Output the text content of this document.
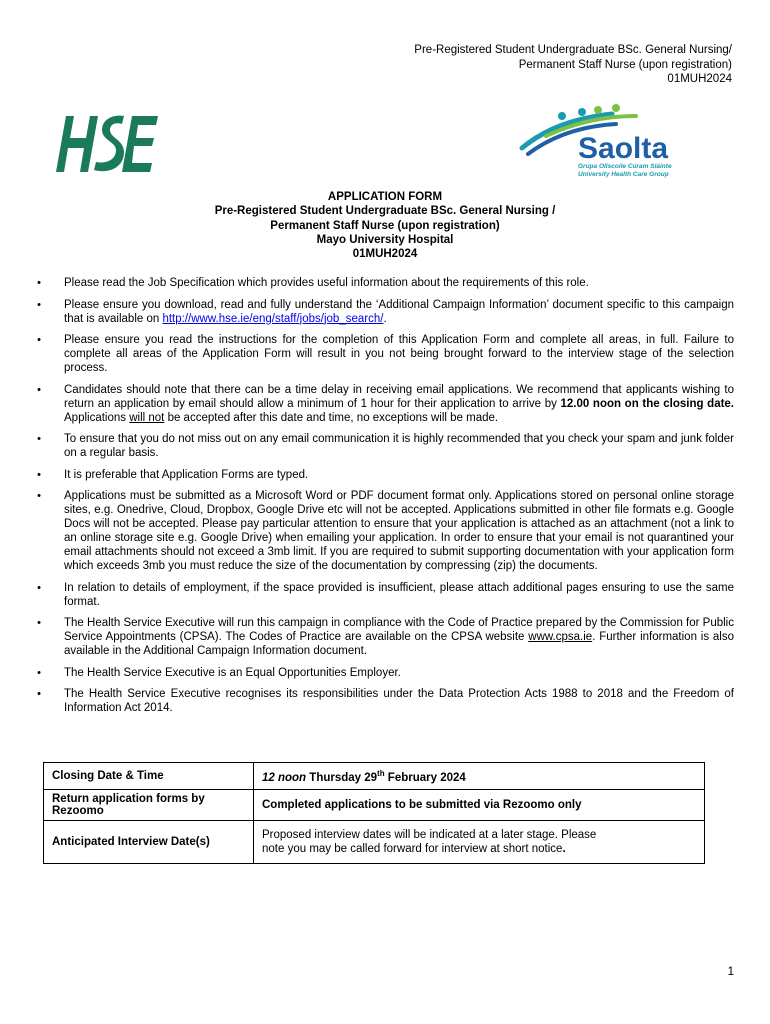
Pre-Registered Student Undergraduate BSc. General Nursing/
Permanent Staff Nurse (upon registration)
01MUH2024
HSE
Saolta
Grúpa Ollscoile Cúram Sláinte
University Health Care Group
APPLICATION FORM
Pre-Registered Student Undergraduate BSc. General Nursing /
Permanent Staff Nurse (upon registration)
Mayo University Hospital
01MUH2024
• Please read the Job Specification which provides useful information about the requirements of this role.
• Please ensure you download, read and fully understand the ‘Additional Campaign Information’ document specific to this campaign that is available on http://www.hse.ie/eng/staff/jobs/job_search/.
• Please ensure you read the instructions for the completion of this Application Form and complete all areas, in full. Failure to complete all areas of the Application Form will result in you not being brought forward to the interview stage of the selection process.
• Candidates should note that there can be a time delay in receiving email applications. We recommend that applicants wishing to return an application by email should allow a minimum of 1 hour for their application to arrive by 12.00 noon on the closing date. Applications will not be accepted after this date and time, no exceptions will be made.
• To ensure that you do not miss out on any email communication it is highly recommended that you check your spam and junk folder on a regular basis.
• It is preferable that Application Forms are typed.
• Applications must be submitted as a Microsoft Word or PDF document format only. Applications stored on personal online storage sites, e.g. Onedrive, Cloud, Dropbox, Google Drive etc will not be accepted. Applications submitted in other file formats e.g. Google Docs will not be accepted. Please pay particular attention to ensure that your application is attached as an attachment (not a link to an online storage site e.g. Google Drive) when emailing your application. In order to ensure that your email is not quarantined your email attachments should not exceed a 3mb limit. If you are required to submit supporting documentation with your application form which exceeds 3mb you must reduce the size of the documentation by compressing (zip) the documents.
• In relation to details of employment, if the space provided is insufficient, please attach additional pages ensuring to use the same format.
• The Health Service Executive will run this campaign in compliance with the Code of Practice prepared by the Commission for Public Service Appointments (CPSA). The Codes of Practice are available on the CPSA website www.cpsa.ie. Further information is also available in the Additional Campaign Information document.
• The Health Service Executive is an Equal Opportunities Employer.
• The Health Service Executive recognises its responsibilities under the Data Protection Acts 1988 to 2018 and the Freedom of Information Act 2014.
Closing Date & Time	12 noon Thursday 29th February 2024
Return application forms by Rezoomo	Completed applications to be submitted via Rezoomo only
Anticipated Interview Date(s)	Proposed interview dates will be indicated at a later stage. Please
note you may be called forward for interview at short notice.
1
